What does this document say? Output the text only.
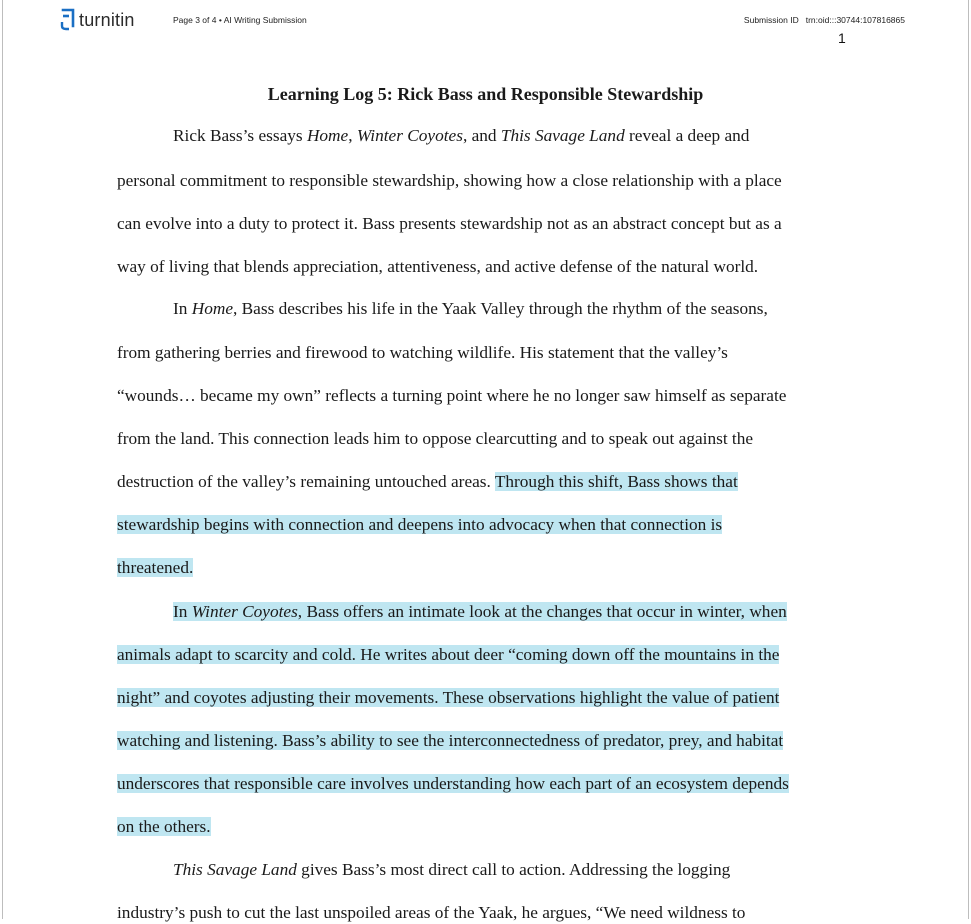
turnitin	Page 3 of 4 • AI Writing Submission	Submission ID trn:oid:::30744:107816865
1
Learning Log 5: Rick Bass and Responsible Stewardship
Rick Bass’s essays Home, Winter Coyotes, and This Savage Land reveal a deep and
personal commitment to responsible stewardship, showing how a close relationship with a place
can evolve into a duty to protect it. Bass presents stewardship not as an abstract concept but as a
way of living that blends appreciation, attentiveness, and active defense of the natural world.
In Home, Bass describes his life in the Yaak Valley through the rhythm of the seasons,
from gathering berries and firewood to watching wildlife. His statement that the valley’s
“wounds… became my own” reflects a turning point where he no longer saw himself as separate
from the land. This connection leads him to oppose clearcutting and to speak out against the
destruction of the valley’s remaining untouched areas. Through this shift, Bass shows that
stewardship begins with connection and deepens into advocacy when that connection is
threatened.
In Winter Coyotes, Bass offers an intimate look at the changes that occur in winter, when
animals adapt to scarcity and cold. He writes about deer “coming down off the mountains in the
night” and coyotes adjusting their movements. These observations highlight the value of patient
watching and listening. Bass’s ability to see the interconnectedness of predator, prey, and habitat
underscores that responsible care involves understanding how each part of an ecosystem depends
on the others.
This Savage Land gives Bass’s most direct call to action. Addressing the logging
industry’s push to cut the last unspoiled areas of the Yaak, he argues, “We need wildness to
